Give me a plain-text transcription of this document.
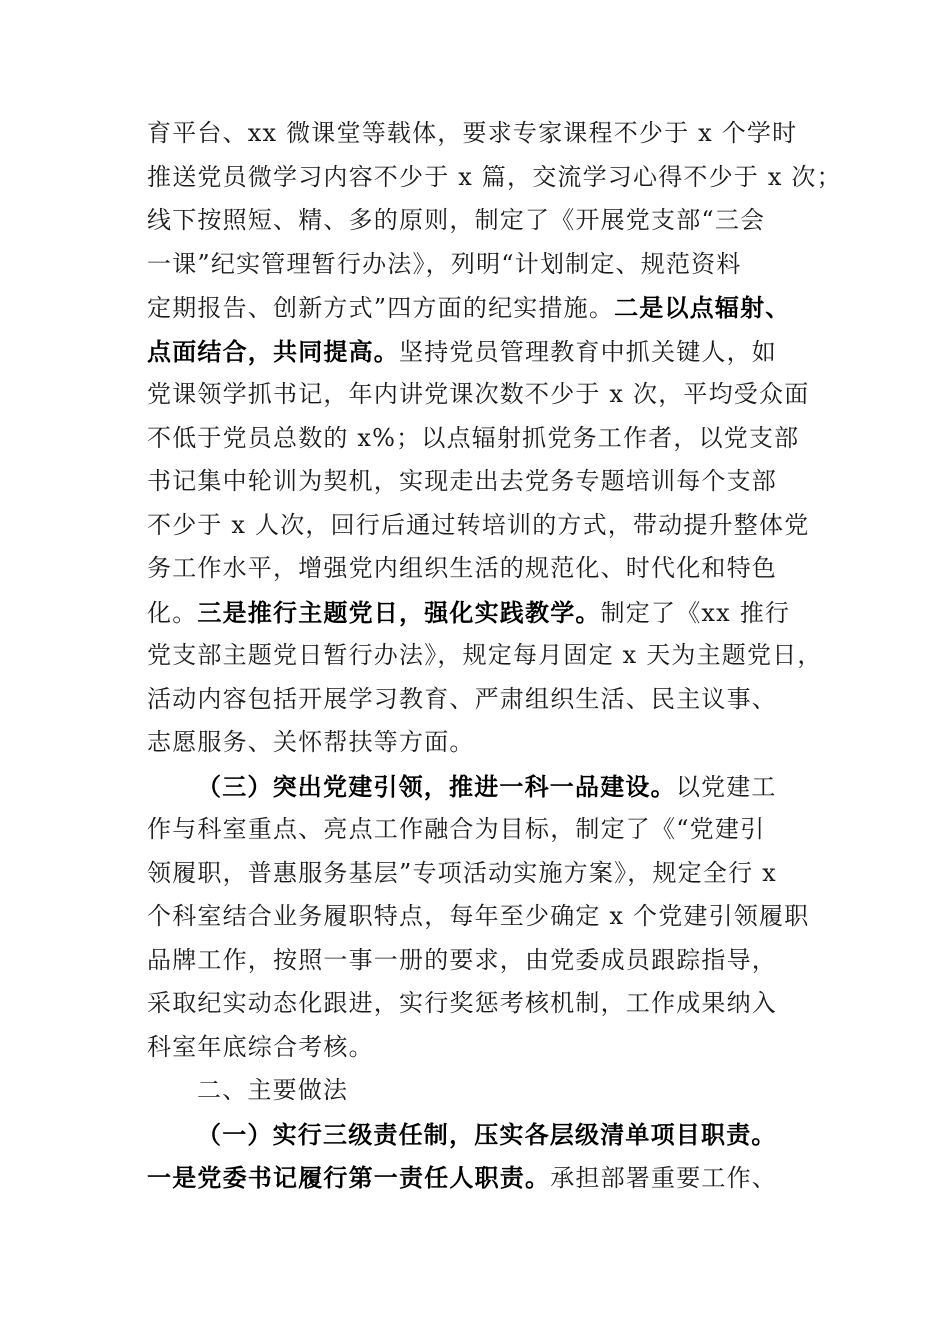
育平台、xx 微课堂等载体，要求专家课程不少于 x 个学时
推送党员微学习内容不少于 x 篇，交流学习心得不少于 x 次；
线下按照短、精、多的原则，制定了《开展党支部“三会
一课”纪实管理暂行办法》，列明“计划制定、规范资料
定期报告、创新方式”四方面的纪实措施。二是以点辐射、
点面结合，共同提高。坚持党员管理教育中抓关键人，如
党课领学抓书记，年内讲党课次数不少于 x 次，平均受众面
不低于党员总数的 x%；以点辐射抓党务工作者，以党支部
书记集中轮训为契机，实现走出去党务专题培训每个支部
不少于 x 人次，回行后通过转培训的方式，带动提升整体党
务工作水平，增强党内组织生活的规范化、时代化和特色
化。三是推行主题党日，强化实践教学。制定了《xx 推行
党支部主题党日暂行办法》，规定每月固定 x 天为主题党日，
活动内容包括开展学习教育、严肃组织生活、民主议事、
志愿服务、关怀帮扶等方面。
（三）突出党建引领，推进一科一品建设。以党建工
作与科室重点、亮点工作融合为目标，制定了《“党建引
领履职，普惠服务基层”专项活动实施方案》，规定全行 x
个科室结合业务履职特点，每年至少确定 x 个党建引领履职
品牌工作，按照一事一册的要求，由党委成员跟踪指导，
采取纪实动态化跟进，实行奖惩考核机制，工作成果纳入
科室年底综合考核。
二、主要做法
（一）实行三级责任制，压实各层级清单项目职责。
一是党委书记履行第一责任人职责。承担部署重要工作、
